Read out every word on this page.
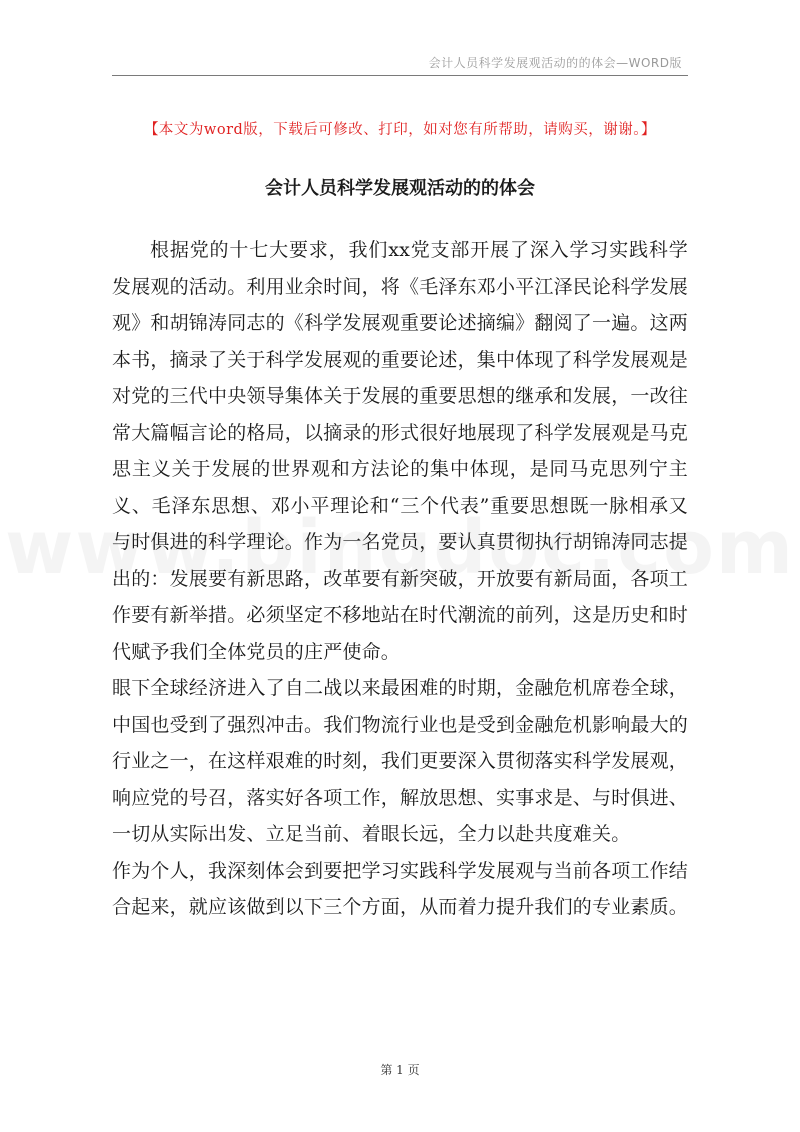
会计人员科学发展观活动的的体会—WORD版
【本文为word版，下载后可修改、打印，如对您有所帮助，请购买，谢谢。】
会计人员科学发展观活动的的体会

根据党的十七大要求，我们xx党支部开展了深入学习实践科学发展观的活动。利用业余时间，将《毛泽东邓小平江泽民论科学发展观》和胡锦涛同志的《科学发展观重要论述摘编》翻阅了一遍。这两本书，摘录了关于科学发展观的重要论述，集中体现了科学发展观是对党的三代中央领导集体关于发展的重要思想的继承和发展，一改往常大篇幅言论的格局，以摘录的形式很好地展现了科学发展观是马克思主义关于发展的世界观和方法论的集中体现，是同马克思列宁主义、毛泽东思想、邓小平理论和“三个代表”重要思想既一脉相承又与时俱进的科学理论。作为一名党员，要认真贯彻执行胡锦涛同志提出的：发展要有新思路，改革要有新突破，开放要有新局面，各项工作要有新举措。必须坚定不移地站在时代潮流的前列，这是历史和时代赋予我们全体党员的庄严使命。

眼下全球经济进入了自二战以来最困难的时期，金融危机席卷全球，中国也受到了强烈冲击。我们物流行业也是受到金融危机影响最大的行业之一，在这样艰难的时刻，我们更要深入贯彻落实科学发展观，响应党的号召，落实好各项工作，解放思想、实事求是、与时俱进、一切从实际出发、立足当前、着眼长远，全力以赴共度难关。

作为个人，我深刻体会到要把学习实践科学发展观与当前各项工作结合起来，就应该做到以下三个方面，从而着力提升我们的专业素质。

第 1 页
